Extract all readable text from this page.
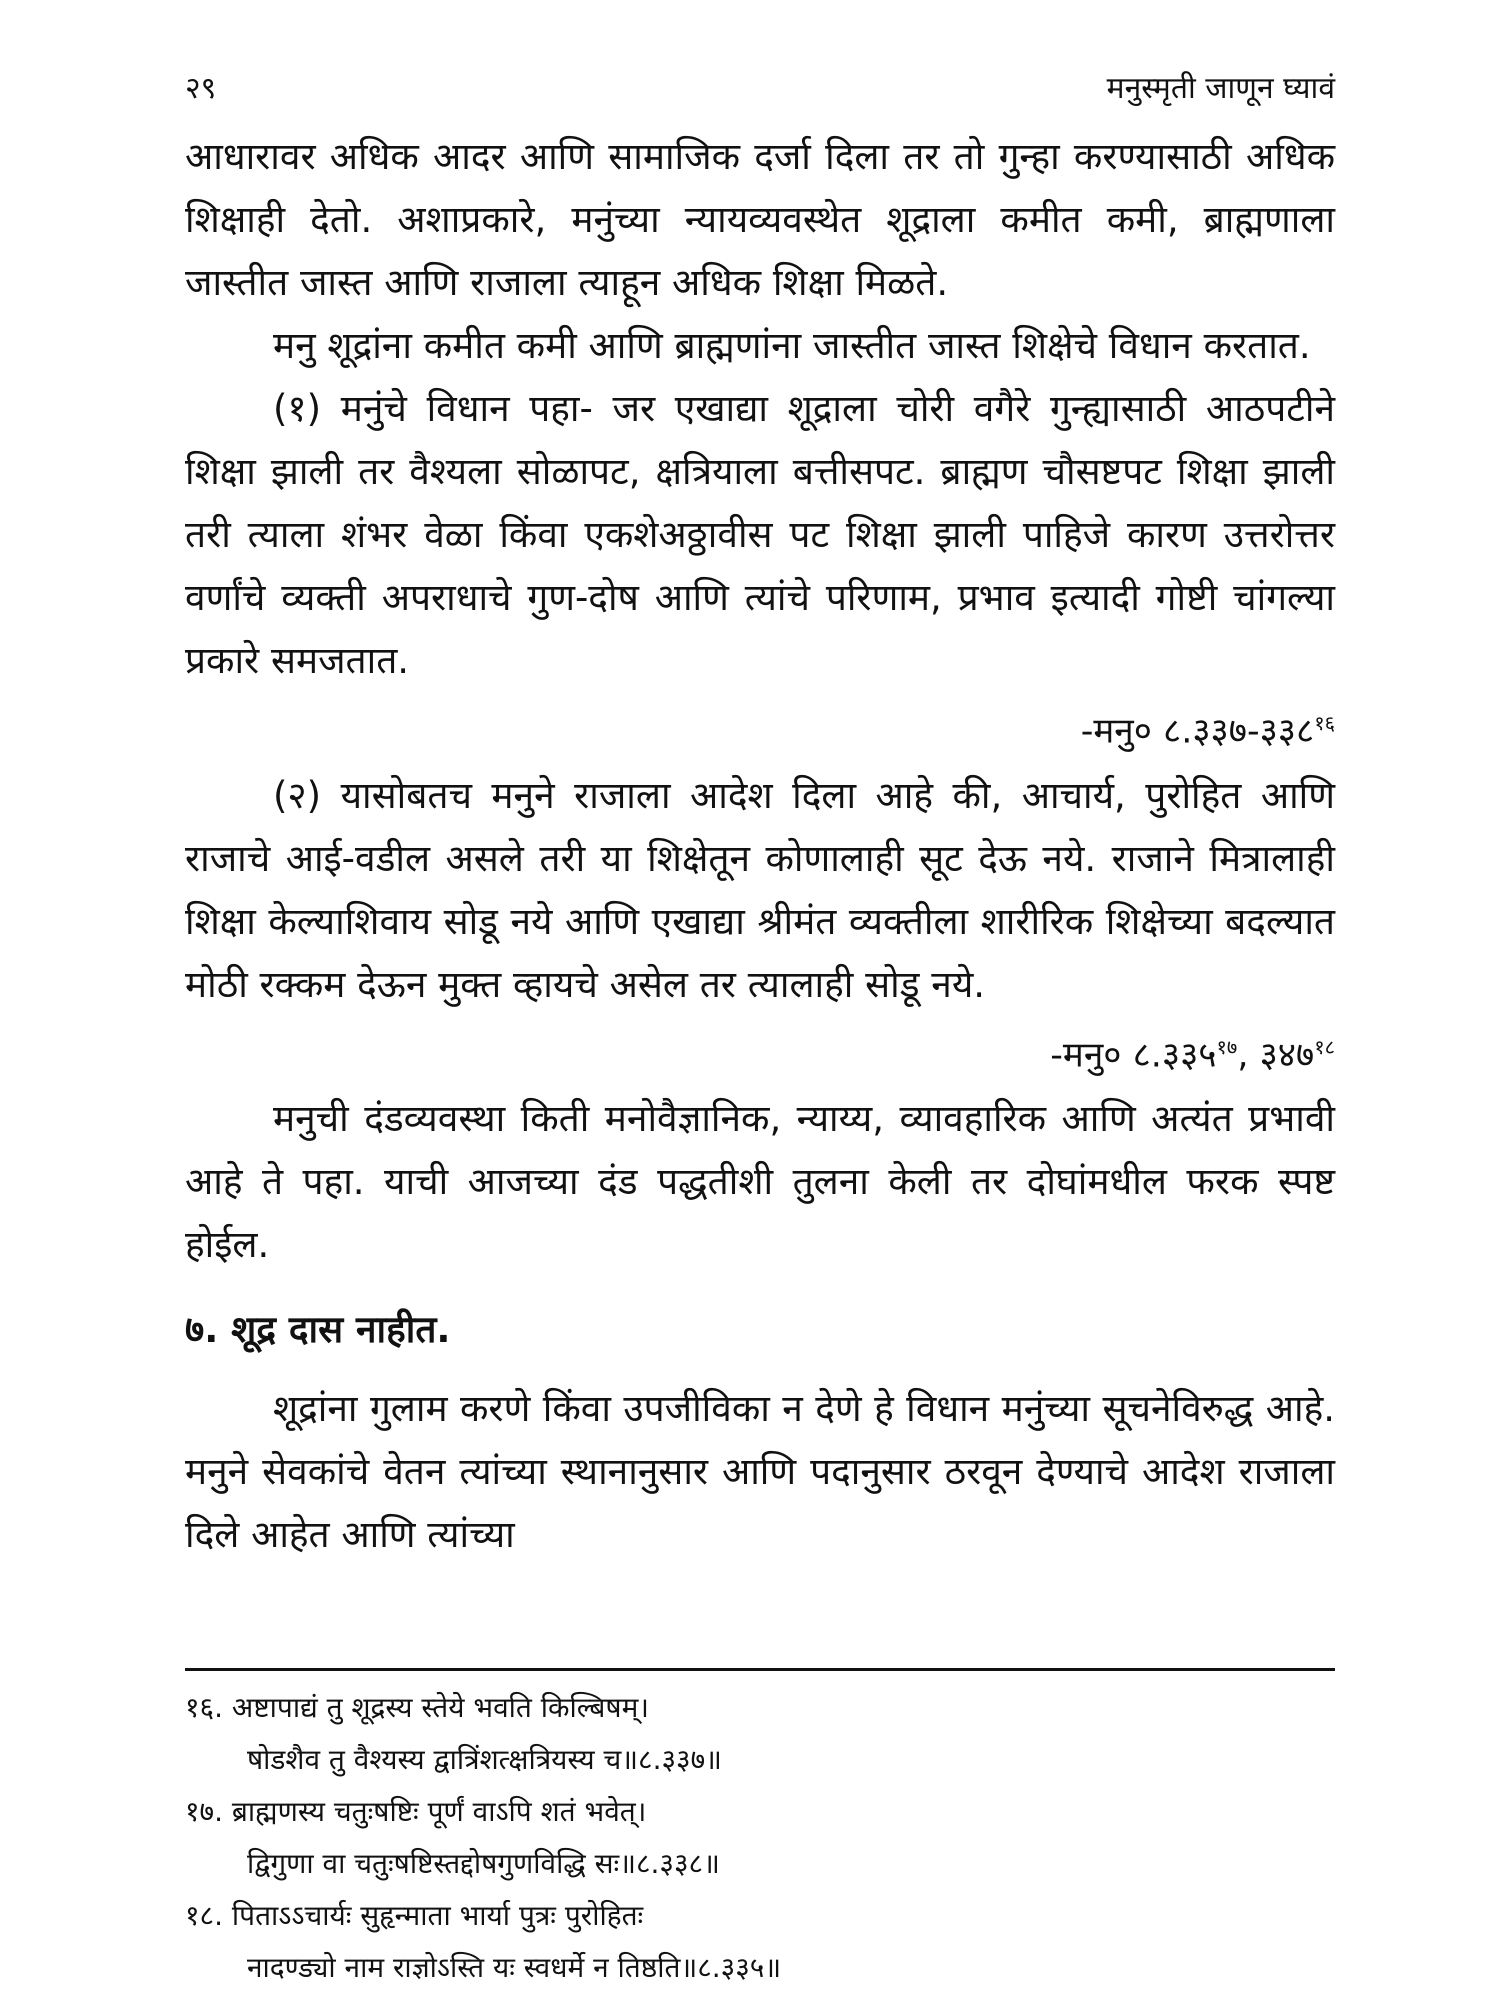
२९	मनुस्मृती जाणून घ्यावं

आधारावर अधिक आदर आणि सामाजिक दर्जा दिला तर तो गुन्हा करण्यासाठी अधिक शिक्षाही देतो. अशाप्रकारे, मनुंच्या न्यायव्यवस्थेत शूद्राला कमीत कमी, ब्राह्मणाला जास्तीत जास्त आणि राजाला त्याहून अधिक शिक्षा मिळते.

मनु शूद्रांना कमीत कमी आणि ब्राह्मणांना जास्तीत जास्त शिक्षेचे विधान करतात.

(१) मनुंचे विधान पहा- जर एखाद्या शूद्राला चोरी वगैरे गुन्ह्यासाठी आठपटीने शिक्षा झाली तर वैश्यला सोळापट, क्षत्रियाला बत्तीसपट. ब्राह्मण चौसष्टपट शिक्षा झाली तरी त्याला शंभर वेळा किंवा एकशेअठ्ठावीस पट शिक्षा झाली पाहिजे कारण उत्तरोत्तर वर्णांचे व्यक्ती अपराधाचे गुण-दोष आणि त्यांचे परिणाम, प्रभाव इत्यादी गोष्टी चांगल्या प्रकारे समजतात.

-मनु० $८.३३७-३३८^{१६}$

(२) यासोबतच मनुने राजाला आदेश दिला आहे की, आचार्य, पुरोहित आणि राजाचे आई-वडील असले तरी या शिक्षेतून कोणालाही सूट देऊ नये. राजाने मित्रालाही शिक्षा केल्याशिवाय सोडू नये आणि एखाद्या श्रीमंत व्यक्तीला शारीरिक शिक्षेच्या बदल्यात मोठी रक्कम देऊन मुक्त व्हायचे असेल तर त्यालाही सोडू नये.

-मनु० ८.३३५$^{१७}$, $३४७^{१८}$

मनुची दंडव्यवस्था किती मनोवैज्ञानिक, न्याय्य, व्यावहारिक आणि अत्यंत प्रभावी आहे ते पहा. याची आजच्या दंड पद्धतीशी तुलना केली तर दोघांमधील फरक स्पष्ट होईल.

७. शूद्र दास नाहीत.

शूद्रांना गुलाम करणे किंवा उपजीविका न देणे हे विधान मनुंच्या सूचनेविरुद्ध आहे. मनुने सेवकांचे वेतन त्यांच्या स्थानानुसार आणि पदानुसार ठरवून देण्याचे आदेश राजाला दिले आहेत आणि त्यांच्या

१६. अष्टापाद्यं तु शूद्रस्य स्तेये भवति किल्बिषम्।
षोडशैव तु वैश्यस्य द्वात्रिंशत्क्षत्रियस्य च॥८.३३७॥
१७. ब्राह्मणस्य चतुःषष्टिः पूर्णं वाऽपि शतं भवेत्।
द्विगुणा वा चतुःषष्टिस्तद्दोषगुणविद्धि सः॥८.३३८॥
१८. पिताऽऽचार्यः सुहृन्माता भार्या पुत्रः पुरोहितः
नादण्ड्यो नाम राज्ञोऽस्ति यः स्वधर्मे न तिष्ठति॥८.३३५॥
